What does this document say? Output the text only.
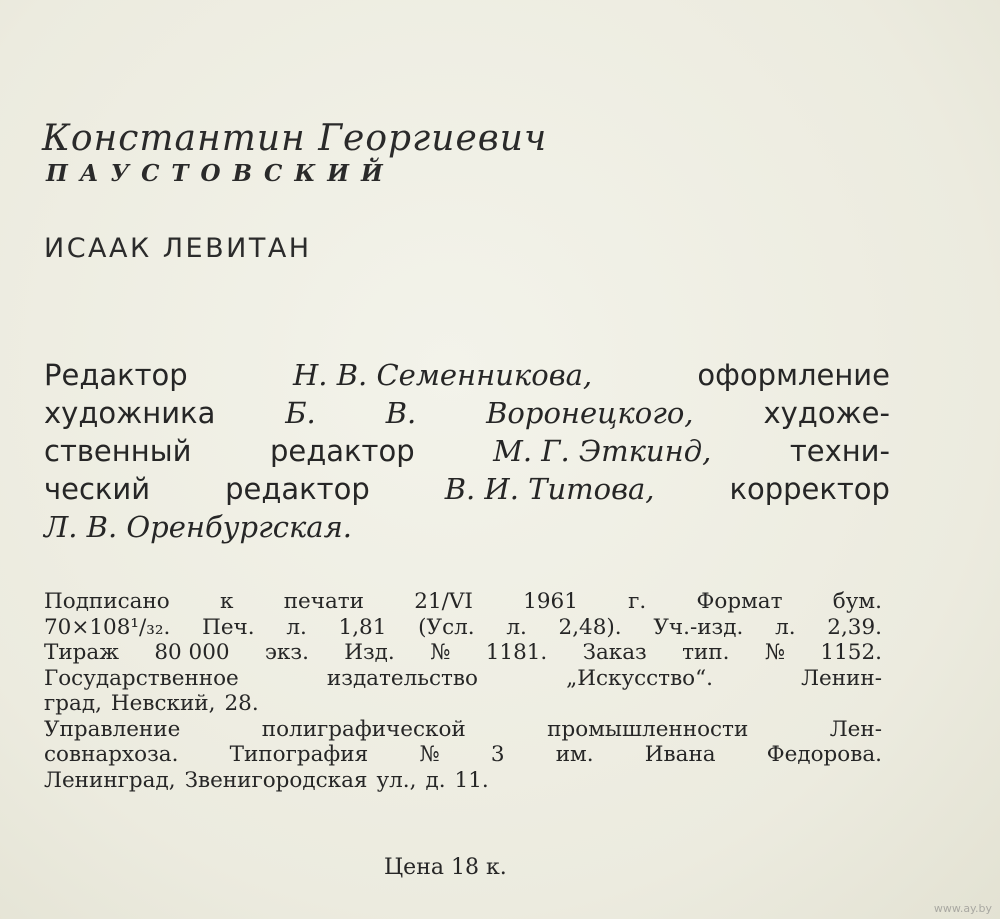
Константин Георгиевич
ПАУСТОВСКИЙ
ИСААК ЛЕВИТАН
Редактор	Н. В. Семенникова,	оформление
художника Б. В. Воронецкого, художе-
ственный	редактор	М. Г. Эткинд,	техни-
ческий	редактор	В. И. Титова,	корректор
Л. В. Оренбургская.
Подписано к печати 21/VI 1961 г. Формат бум.
70×108¹/₃₂. Печ. л. 1,81 (Усл. л. 2,48). Уч.-изд. л. 2,39.
Тираж 80 000 экз. Изд. № 1181. Заказ тип. № 1152.
Государственное	издательство	„Искусство“.	Ленин-
град, Невский, 28.
Управление	полиграфической	промышленности	Лен-
совнархоза. Типография № 3 им. Ивана Федорова.
Ленинград, Звенигородская ул., д. 11.
Цена 18 к.
www.ay.by
